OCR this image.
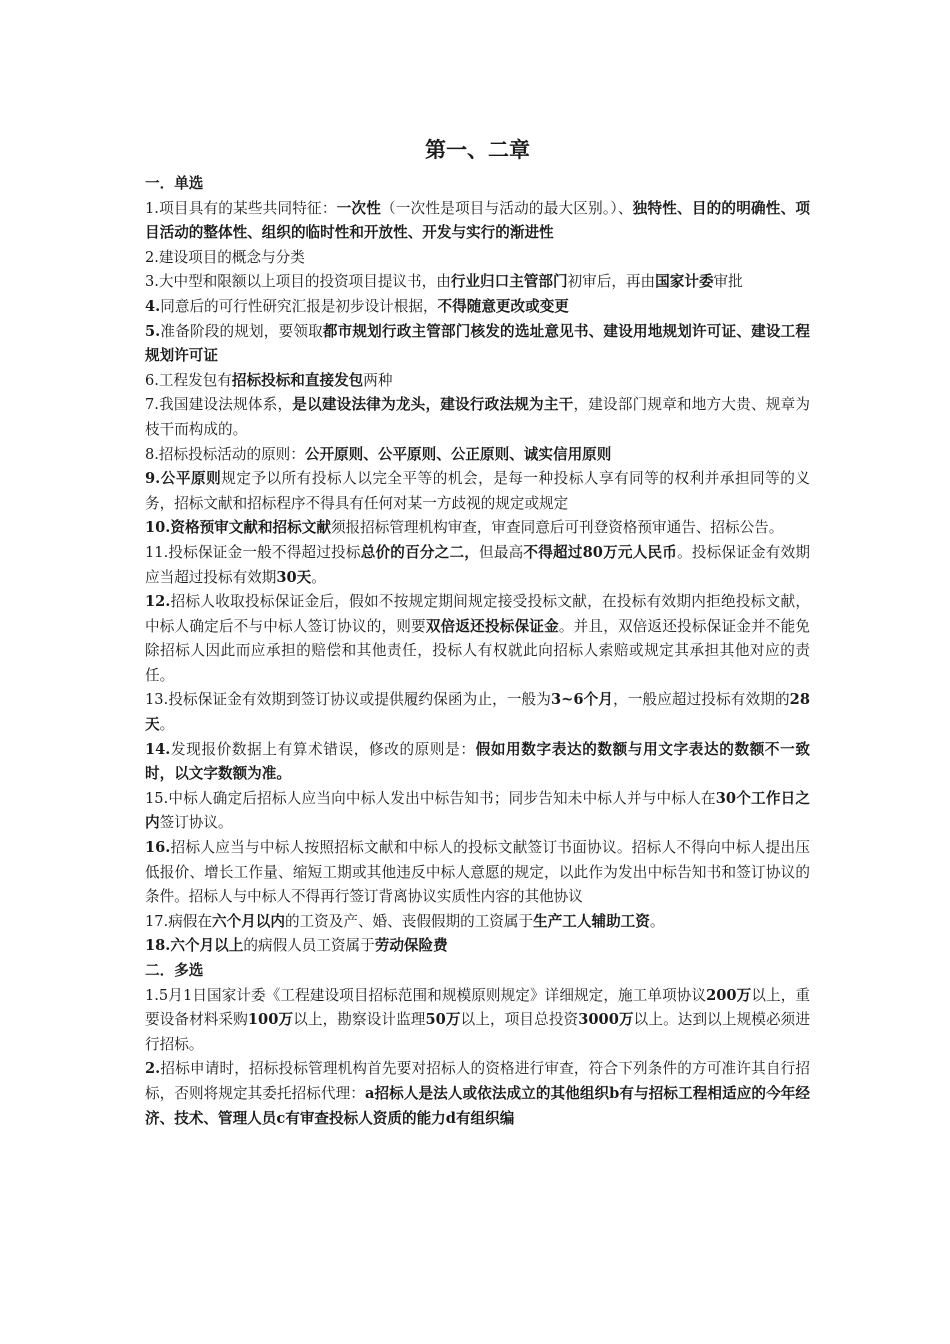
第一、二章

一．单选

1.项目具有的某些共同特征：一次性（一次性是项目与活动的最大区别。）、独特性、目的的明确性、项目活动的整体性、组织的临时性和开放性、开发与实行的渐进性

2.建设项目的概念与分类

3.大中型和限额以上项目的投资项目提议书，由行业归口主管部门初审后，再由国家计委审批

4.同意后的可行性研究汇报是初步设计根据，不得随意更改或变更

5.准备阶段的规划，要领取都市规划行政主管部门核发的选址意见书、建设用地规划许可证、建设工程规划许可证

6.工程发包有招标投标和直接发包两种

7.我国建设法规体系，是以建设法律为龙头，建设行政法规为主干，建设部门规章和地方大贵、规章为枝干而构成的。

8.招标投标活动的原则：公开原则、公平原则、公正原则、诚实信用原则

9.公平原则规定予以所有投标人以完全平等的机会，是每一种投标人享有同等的权利并承担同等的义务，招标文献和招标程序不得具有任何对某一方歧视的规定或规定

10.资格预审文献和招标文献须报招标管理机构审查，审查同意后可刊登资格预审通告、招标公告。

11.投标保证金一般不得超过投标总价的百分之二，但最高不得超过80万元人民币。投标保证金有效期应当超过投标有效期30天。

12.招标人收取投标保证金后，假如不按规定期间规定接受投标文献，在投标有效期内拒绝投标文献，中标人确定后不与中标人签订协议的，则要双倍返还投标保证金。并且，双倍返还投标保证金并不能免除招标人因此而应承担的赔偿和其他责任，投标人有权就此向招标人索赔或规定其承担其他对应的责任。

13.投标保证金有效期到签订协议或提供履约保函为止，一般为3~6个月，一般应超过投标有效期的28天。

14.发现报价数据上有算术错误，修改的原则是：假如用数字表达的数额与用文字表达的数额不一致时，以文字数额为准。

15.中标人确定后招标人应当向中标人发出中标告知书；同步告知未中标人并与中标人在30个工作日之内签订协议。

16.招标人应当与中标人按照招标文献和中标人的投标文献签订书面协议。招标人不得向中标人提出压低报价、增长工作量、缩短工期或其他违反中标人意愿的规定，以此作为发出中标告知书和签订协议的条件。招标人与中标人不得再行签订背离协议实质性内容的其他协议

17.病假在六个月以内的工资及产、婚、丧假假期的工资属于生产工人辅助工资。

18.六个月以上的病假人员工资属于劳动保险费

二．多选

1.5月1日国家计委《工程建设项目招标范围和规模原则规定》详细规定，施工单项协议200万以上，重要设备材料采购100万以上，勘察设计监理50万以上，项目总投资3000万以上。达到以上规模必须进行招标。

2.招标申请时，招标投标管理机构首先要对招标人的资格进行审查，符合下列条件的方可准许其自行招标，否则将规定其委托招标代理：a招标人是法人或依法成立的其他组织b有与招标工程相适应的今年经济、技术、管理人员c有审查投标人资质的能力d有组织编
